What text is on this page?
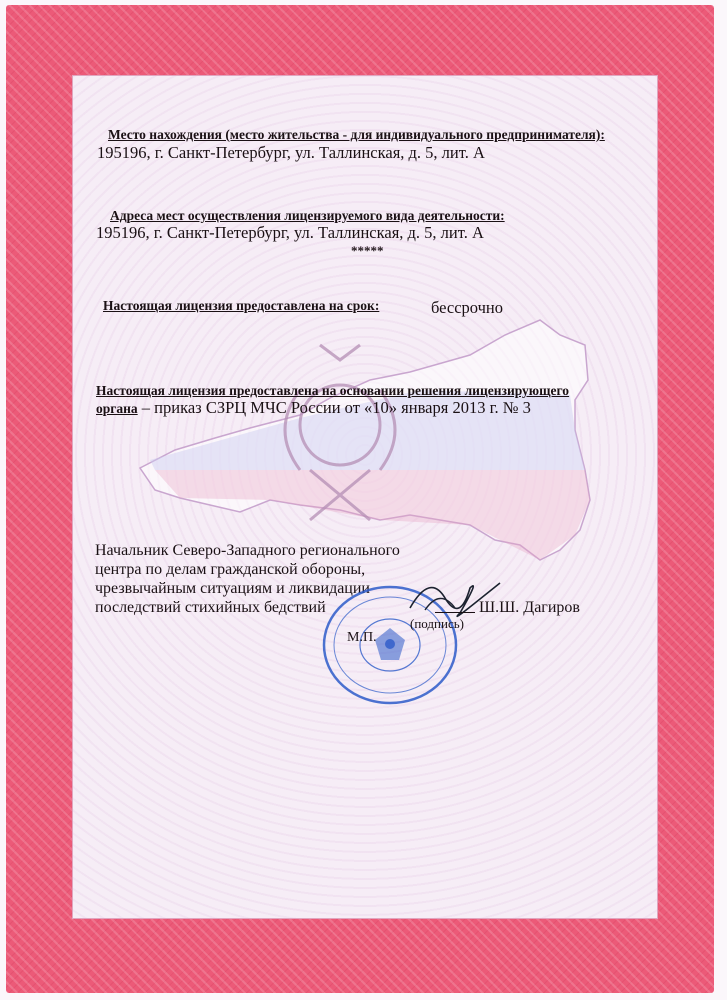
Место нахождения (место жительства - для индивидуального предпринимателя):
195196, г. Санкт-Петербург, ул. Таллинская, д. 5, лит. А
Адреса мест осуществления лицензируемого вида деятельности:
195196, г. Санкт-Петербург, ул. Таллинская, д. 5, лит. А
*****
Настоящая лицензия предоставлена на срок:	бессрочно
Настоящая лицензия предоставлена на основании решения лицензирующего
органа – приказ СЗРЦ МЧС России от «10» января 2013 г. № 3
Начальник Северо-Западного регионального
центра по делам гражданской обороны,
чрезвычайным ситуациям и ликвидации
последствий стихийных бедствий	Ш.Ш. Дагиров
(подпись)
М.П.
